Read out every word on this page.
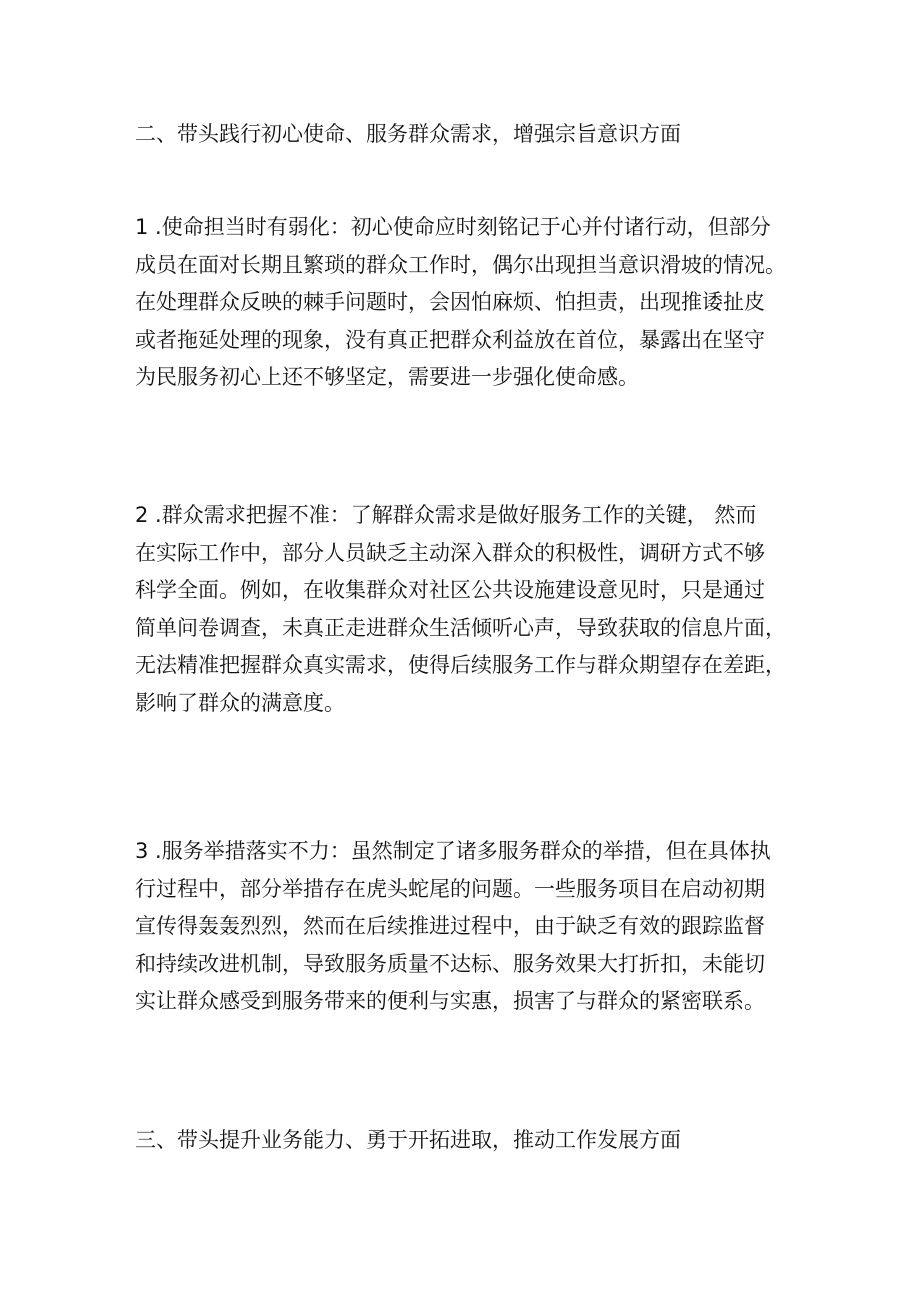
二、带头践行初心使命、服务群众需求，增强宗旨意识方面
1 .使命担当时有弱化：初心使命应时刻铭记于心并付诸行动，但部分
成员在面对长期且繁琐的群众工作时，偶尔出现担当意识滑坡的情况。
在处理群众反映的棘手问题时，会因怕麻烦、怕担责，出现推诿扯皮
或者拖延处理的现象，没有真正把群众利益放在首位，暴露出在坚守
为民服务初心上还不够坚定，需要进一步强化使命感。
2 .群众需求把握不准：了解群众需求是做好服务工作的关键， 然而
在实际工作中，部分人员缺乏主动深入群众的积极性，调研方式不够
科学全面。例如，在收集群众对社区公共设施建设意见时，只是通过
简单问卷调查，未真正走进群众生活倾听心声，导致获取的信息片面，
无法精准把握群众真实需求，使得后续服务工作与群众期望存在差距，
影响了群众的满意度。
3 .服务举措落实不力：虽然制定了诸多服务群众的举措，但在具体执
行过程中，部分举措存在虎头蛇尾的问题。一些服务项目在启动初期
宣传得轰轰烈烈，然而在后续推进过程中，由于缺乏有效的跟踪监督
和持续改进机制，导致服务质量不达标、服务效果大打折扣，未能切
实让群众感受到服务带来的便利与实惠，损害了与群众的紧密联系。
三、带头提升业务能力、勇于开拓进取，推动工作发展方面
